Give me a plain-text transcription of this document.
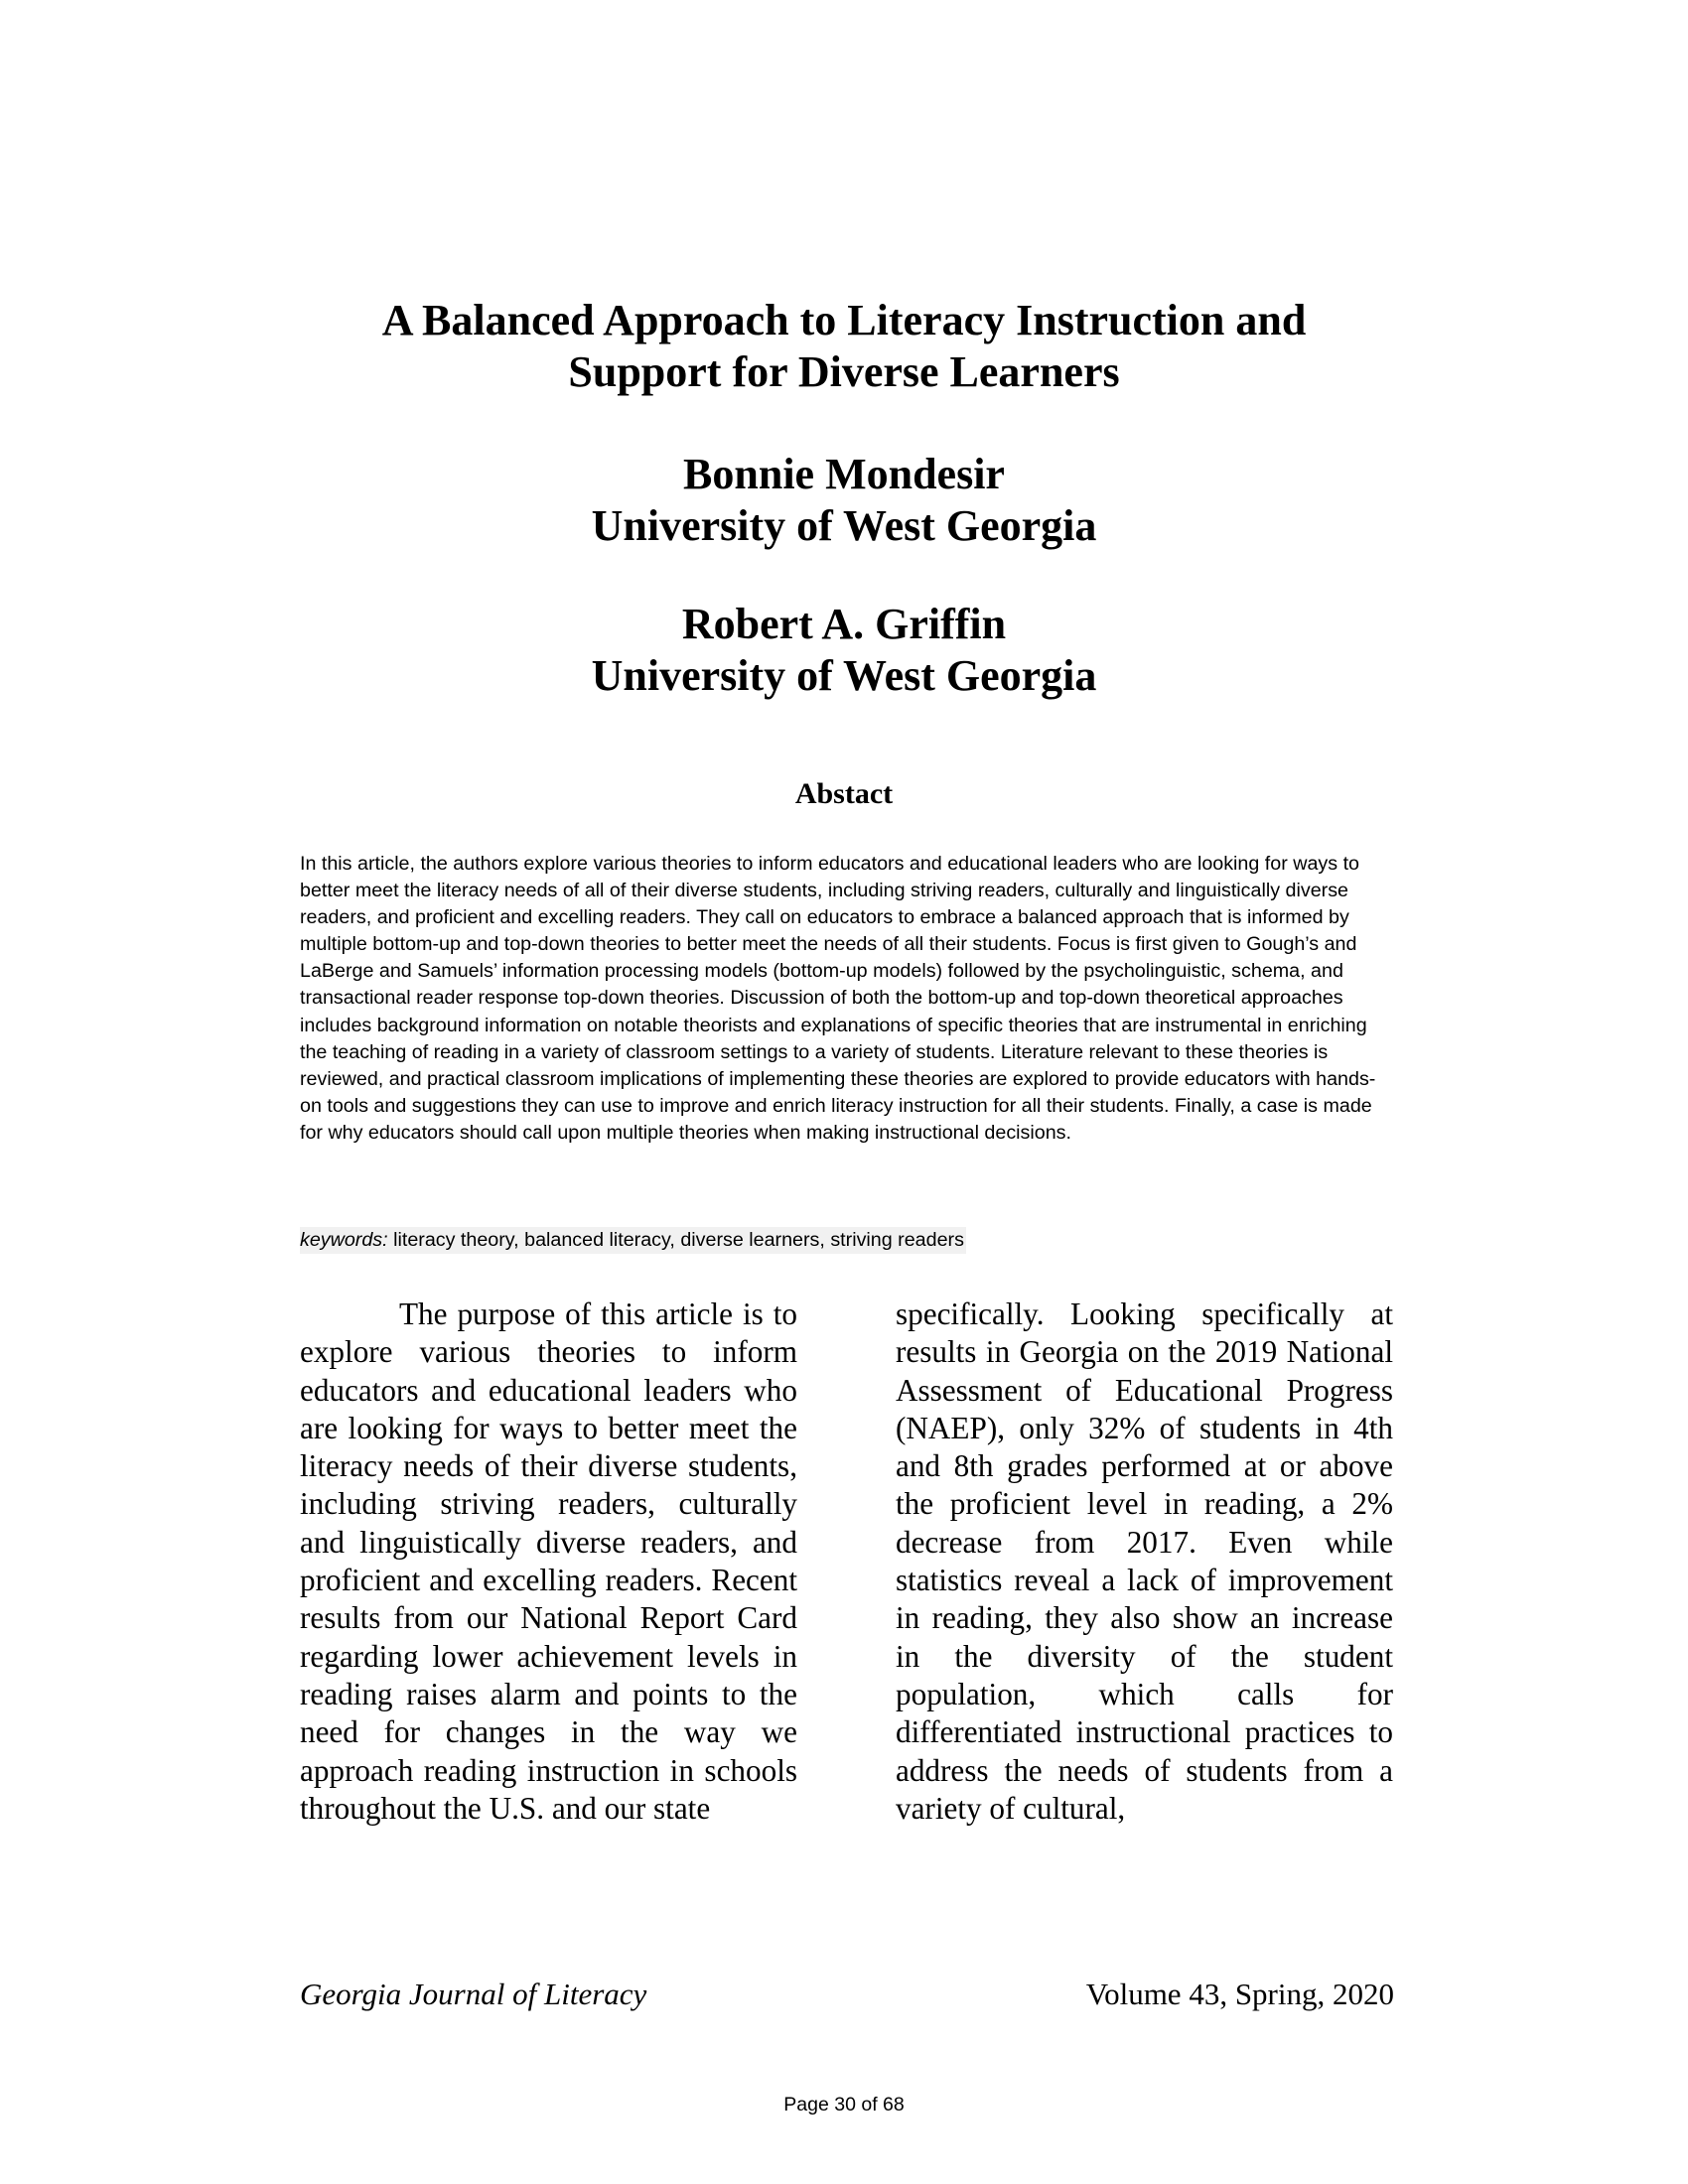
A Balanced Approach to Literacy Instruction and
Support for Diverse Learners
Bonnie Mondesir
University of West Georgia
Robert A. Griffin
University of West Georgia
Abstact

In this article, the authors explore various theories to inform educators and educational leaders who are looking for ways to better meet the literacy needs of all of their diverse students, including striving readers, culturally and linguistically diverse readers, and proficient and excelling readers. They call on educators to embrace a balanced approach that is informed by multiple bottom-up and top-down theories to better meet the needs of all their students. Focus is first given to Gough’s and LaBerge and Samuels’ information processing models (bottom-up models) followed by the psycholinguistic, schema, and transactional reader response top-down theories. Discussion of both the bottom-up and top-down theoretical approaches includes background information on notable theorists and explanations of specific theories that are instrumental in enriching the teaching of reading in a variety of classroom settings to a variety of students. Literature relevant to these theories is reviewed, and practical classroom implications of implementing these theories are explored to provide educators with hands-on tools and suggestions they can use to improve and enrich literacy instruction for all their students. Finally, a case is made for why educators should call upon multiple theories when making instructional decisions.

keywords: literacy theory, balanced literacy, diverse learners, striving readers

The purpose of this article is to explore various theories to inform educators and educational leaders who are looking for ways to better meet the literacy needs of their diverse students, including striving readers, culturally and linguistically diverse readers, and proficient and excelling readers. Recent results from our National Report Card regarding lower achievement levels in reading raises alarm and points to the need for changes in the way we approach reading instruction in schools throughout the U.S. and our state

specifically. Looking specifically at results in Georgia on the 2019 National Assessment of Educational Progress (NAEP), only 32% of students in 4th and 8th grades performed at or above the proficient level in reading, a 2% decrease from 2017. Even while statistics reveal a lack of improvement in reading, they also show an increase in the diversity of the student population, which calls for differentiated instructional practices to address the needs of students from a variety of cultural,

Georgia Journal of Literacy	Volume 43, Spring, 2020
Page 30 of 68
